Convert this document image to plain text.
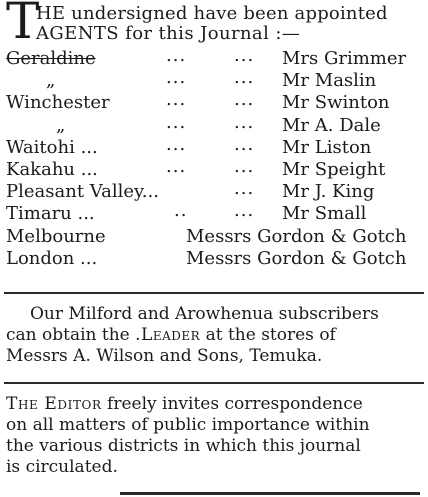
T
HE undersigned have been appointed
AGENTS for this Journal :—
Geraldine	...	... Mrs Grimmer
„	...	... Mr Maslin
Winchester	...	... Mr Swinton
„	...	... Mr A. Dale
Waitohi ...	...	... Mr Liston
Kakahu ...	...	... Mr Speight
Pleasant Valley...	... Mr J. King
Timaru ...	..	... Mr Small
Melbourne	Messrs Gordon & Gotch
London ...	Messrs Gordon & Gotch
Our Milford and Arowhenua subscribers
can obtain the .Leader at the stores of
Messrs A. Wilson and Sons, Temuka.
The Editor freely invites correspondence
on all matters of public importance within
the various districts in which this journal
is circulated.
